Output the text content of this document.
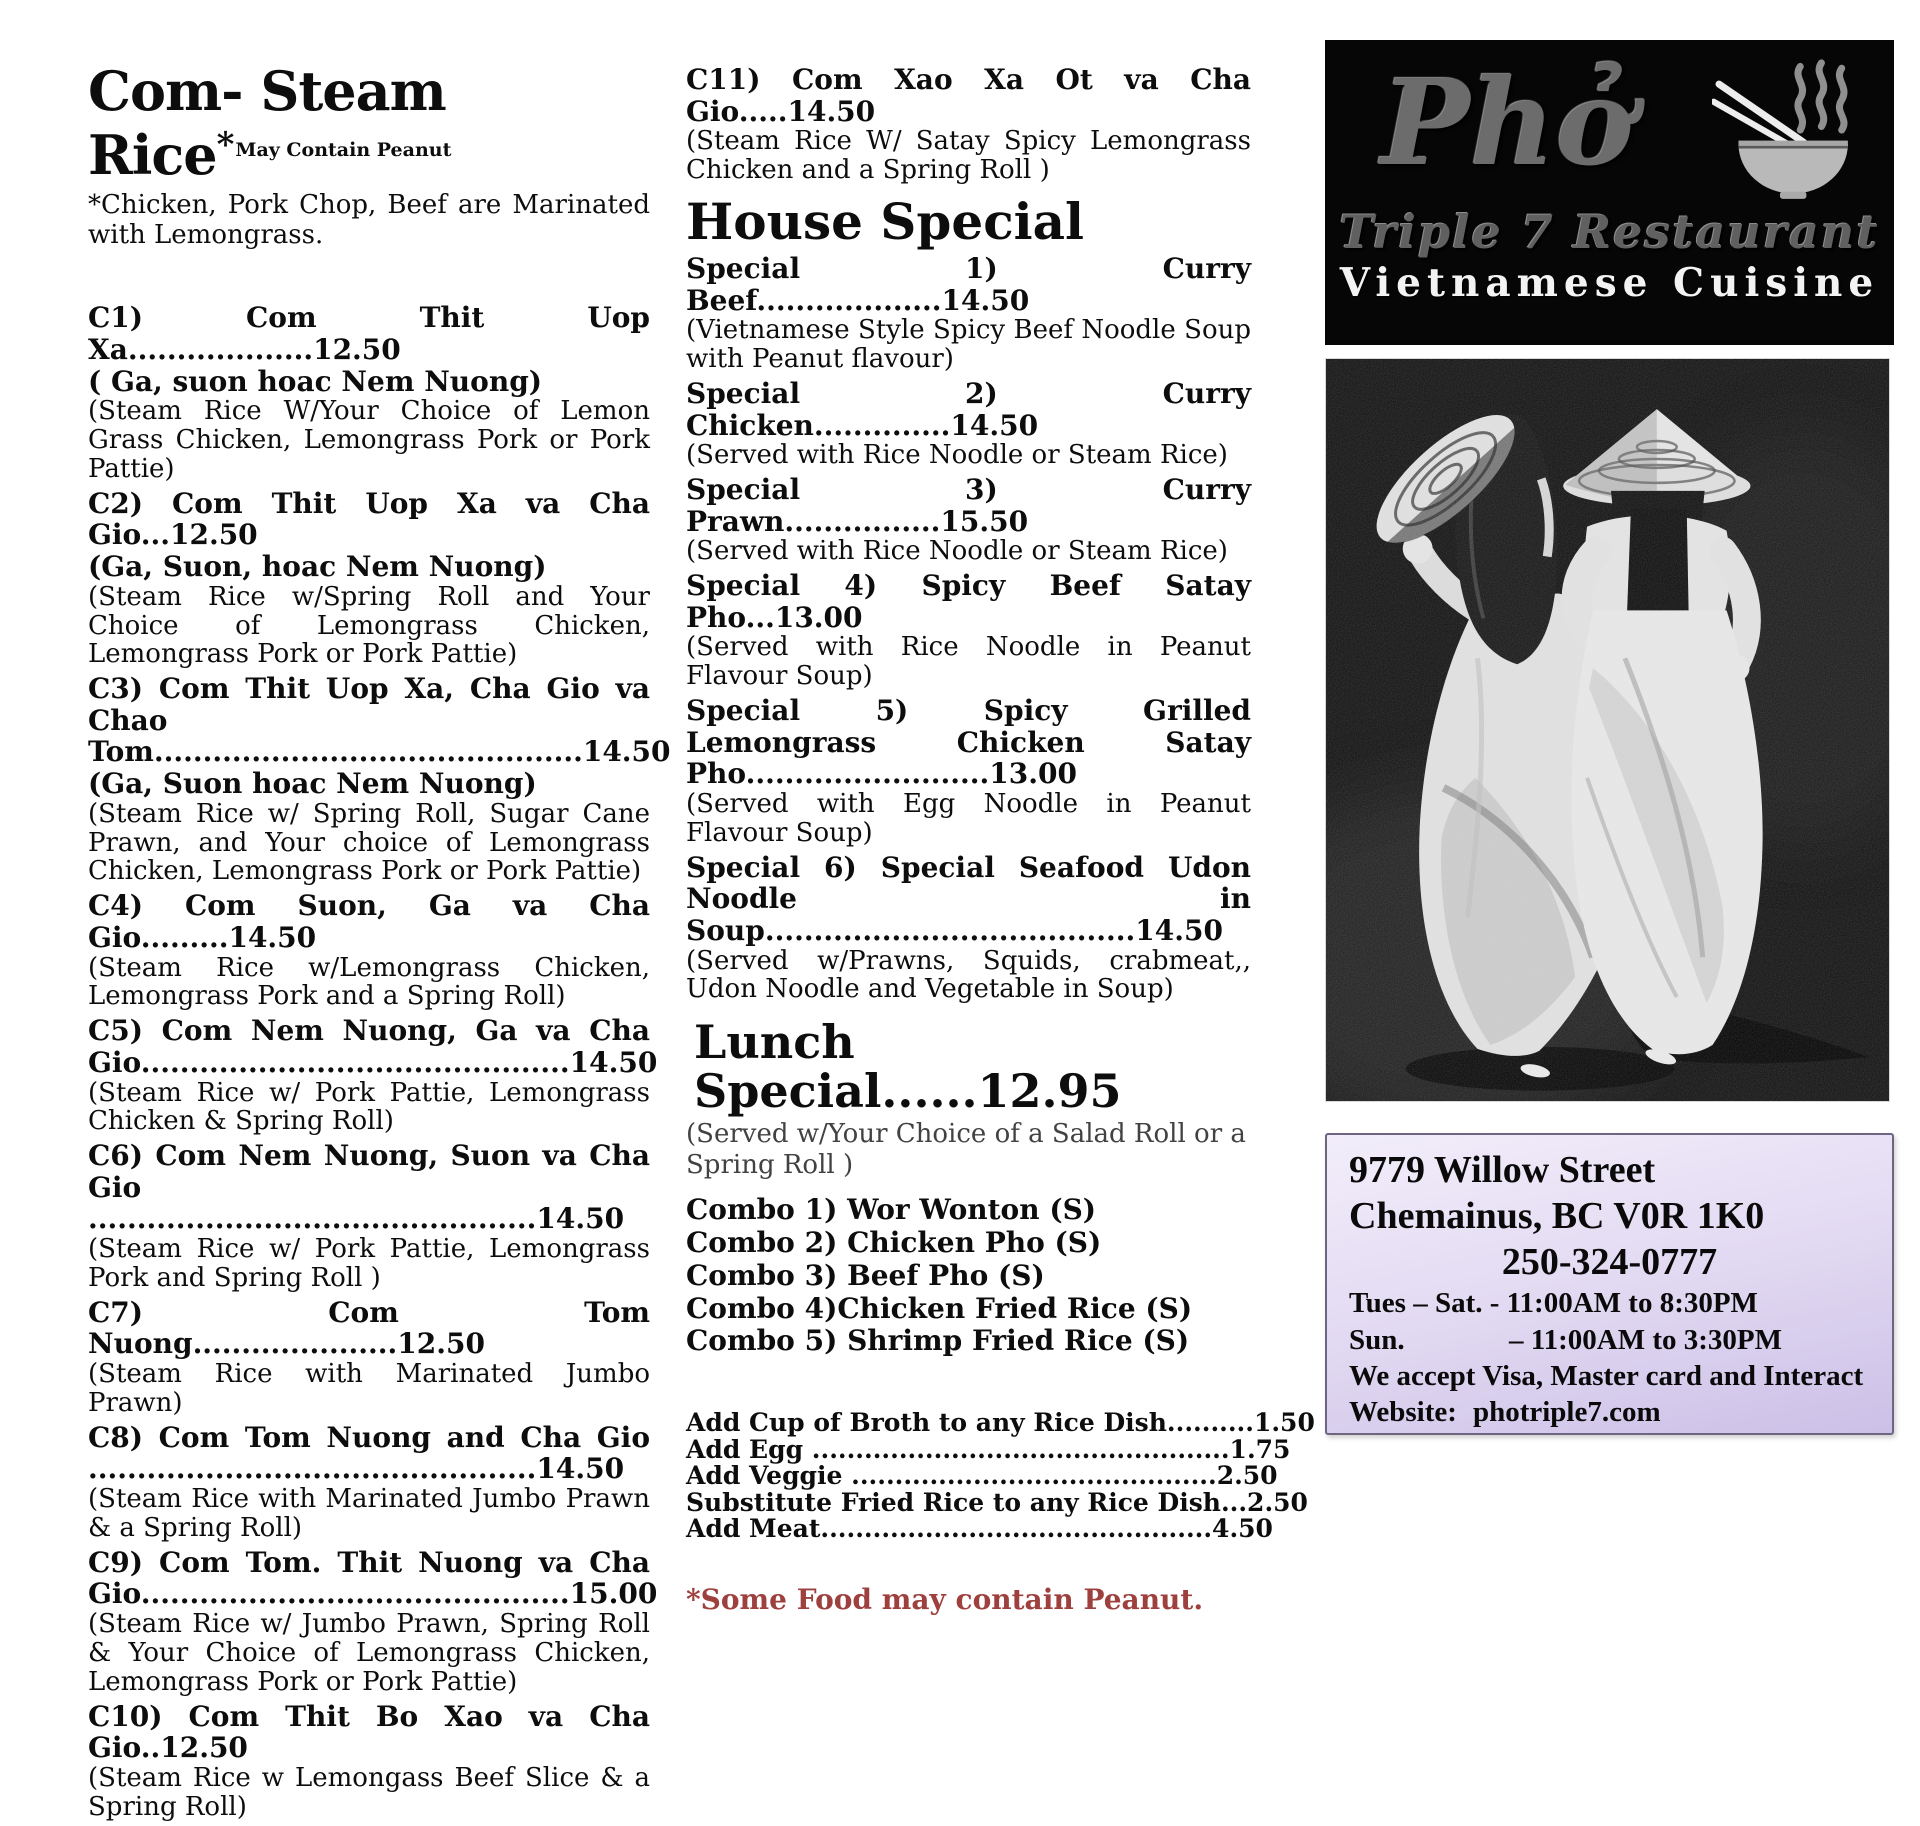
Com- Steam Rice$^{* May Contain Peanut}$

*Chicken, Pork Chop, Beef are Marinated with Lemongrass.

C1) Com Thit Uop Xa...................12.50
( Ga, suon hoac Nem Nuong)
(Steam Rice W/Your Choice of Lemon Grass Chicken, Lemongrass Pork or Pork Pattie)
C2) Com Thit Uop Xa va Cha Gio...12.50
(Ga, Suon, hoac Nem Nuong)
(Steam Rice w/Spring Roll and Your Choice of Lemongrass Chicken, Lemongrass Pork or Pork Pattie)
C3) Com Thit Uop Xa, Cha Gio va Chao Tom............................................14.50
(Ga, Suon hoac Nem Nuong)
(Steam Rice w/ Spring Roll, Sugar Cane Prawn, and Your choice of Lemongrass Chicken, Lemongrass Pork or Pork Pattie)
C4) Com Suon, Ga va Cha Gio.........14.50
(Steam Rice w/Lemongrass Chicken, Lemongrass Pork and a Spring Roll)
C5) Com Nem Nuong, Ga va Cha Gio............................................14.50
(Steam Rice w/ Pork Pattie, Lemongrass Chicken & Spring Roll)
C6) Com Nem Nuong, Suon va Cha Gio ..............................................14.50
(Steam Rice w/ Pork Pattie, Lemongrass Pork and Spring Roll )
C7) Com Tom Nuong.....................12.50
(Steam Rice with Marinated Jumbo Prawn)
C8) Com Tom Nuong and Cha Gio ..............................................14.50
(Steam Rice with Marinated Jumbo Prawn & a Spring Roll)
C9) Com Tom. Thit Nuong va Cha Gio............................................15.00
(Steam Rice w/ Jumbo Prawn, Spring Roll & Your Choice of Lemongrass Chicken, Lemongrass Pork or Pork Pattie)
C10) Com Thit Bo Xao va Cha Gio..12.50
(Steam Rice w Lemongass Beef Slice & a Spring Roll)
C11) Com Xao Xa Ot va Cha Gio.....14.50
(Steam Rice W/ Satay Spicy Lemongrass Chicken and a Spring Roll )
House Special
Special 1) Curry Beef...................14.50
(Vietnamese Style Spicy Beef Noodle Soup with Peanut flavour)
Special 2) Curry Chicken..............14.50
(Served with Rice Noodle or Steam Rice)
Special 3) Curry Prawn................15.50
(Served with Rice Noodle or Steam Rice)
Special 4) Spicy Beef Satay Pho...13.00
(Served with Rice Noodle in Peanut Flavour Soup)
Special 5) Spicy Grilled Lemongrass Chicken Satay Pho.........................13.00
(Served with Egg Noodle in Peanut Flavour Soup)
Special 6) Special Seafood Udon Noodle in Soup......................................14.50
(Served w/Prawns, Squids, crabmeat,, Udon Noodle and Vegetable in Soup)
Lunch Special......12.95
(Served w/Your Choice of a Salad Roll or a Spring Roll )
Combo 1) Wor Wonton (S)
Combo 2) Chicken Pho (S)
Combo 3) Beef Pho (S)
Combo 4)Chicken Fried Rice (S)
Combo 5) Shrimp Fried Rice (S)
Add Cup of Broth to any Rice Dish..........1.50
Add Egg ................................................1.75
Add Veggie ..........................................2.50
Substitute Fried Rice to any Rice Dish...2.50
Add Meat.............................................4.50
*Some Food may contain Peanut.
Phở
Triple 7 Restaurant
Vietnamese Cuisine
9779 Willow Street
Chemainus, BC V0R 1K0
250-324-0777
Tues – Sat. - 11:00AM to 8:30PM
Sun.	– 11:00AM to 3:30PM
We accept Visa, Master card and Interact
Website: photriple7.com
